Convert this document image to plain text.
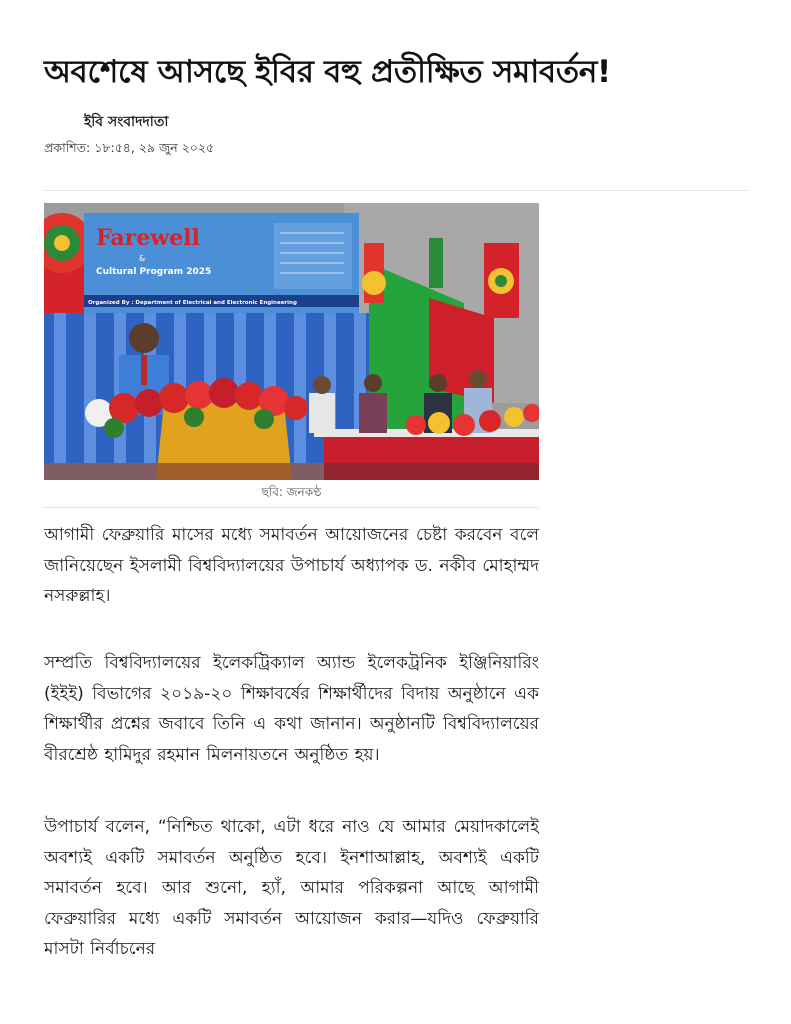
অবশেষে আসছে ইবির বহু প্রতীক্ষিত সমাবর্তন!
ইবি সংবাদদাতা
প্রকাশিত: ১৮:৫৪, ২৯ জুন ২০২৫
Farewell
&
Cultural Program 2025
Organized By : Department of Electrical and Electronic Engineering
ছবি: জনকণ্ঠ

আগামী ফেব্রুয়ারি মাসের মধ্যে সমাবর্তন আয়োজনের চেষ্টা করবেন বলে জানিয়েছেন ইসলামী বিশ্ববিদ্যালয়ের উপাচার্য অধ্যাপক ড. নকীব মোহাম্মদ নসরুল্লাহ।

সম্প্রতি বিশ্ববিদ্যালয়ের ইলেকট্রিক্যাল অ্যান্ড ইলেকট্রনিক ইঞ্জিনিয়ারিং (ইইই) বিভাগের ২০১৯-২০ শিক্ষাবর্ষের শিক্ষার্থীদের বিদায় অনুষ্ঠানে এক শিক্ষার্থীর প্রশ্নের জবাবে তিনি এ কথা জানান। অনুষ্ঠানটি বিশ্ববিদ্যালয়ের বীরশ্রেষ্ঠ হামিদুর রহমান মিলনায়তনে অনুষ্ঠিত হয়।

উপাচার্য বলেন, “নিশ্চিত থাকো, এটা ধরে নাও যে আমার মেয়াদকালেই অবশ্যই একটি সমাবর্তন অনুষ্ঠিত হবে। ইনশাআল্লাহ, অবশ্যই একটি সমাবর্তন হবে। আর শুনো, হ্যাঁ, আমার পরিকল্পনা আছে আগামী ফেব্রুয়ারির মধ্যে একটি সমাবর্তন আয়োজন করার—যদিও ফেব্রুয়ারি মাসটা নির্বাচনের
